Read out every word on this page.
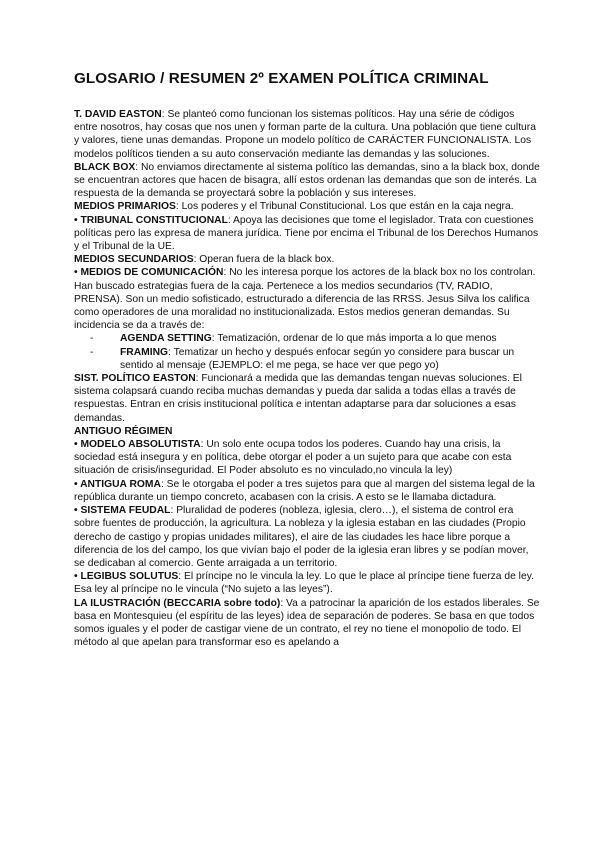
GLOSARIO / RESUMEN 2º EXAMEN POLÍTICA CRIMINAL

T. DAVID EASTON: Se planteó como funcionan los sistemas políticos. Hay una série de códigos entre nosotros, hay cosas que nos unen y forman parte de la cultura. Una población que tiene cultura y valores, tiene unas demandas. Propone un modelo político de CARÁCTER FUNCIONALISTA. Los modelos políticos tienden a su auto conservación mediante las demandas y las soluciones.

BLACK BOX: No enviamos directamente al sistema político las demandas, sino a la black box, donde se encuentran actores que hacen de bisagra, allí estos ordenan las demandas que son de interés. La respuesta de la demanda se proyectará sobre la población y sus intereses.

MEDIOS PRIMARIOS: Los poderes y el Tribunal Constitucional. Los que están en la caja negra.

• TRIBUNAL CONSTITUCIONAL: Apoya las decisiones que tome el legislador. Trata con cuestiones políticas pero las expresa de manera jurídica. Tiene por encima el Tribunal de los Derechos Humanos y el Tribunal de la UE.

MEDIOS SECUNDARIOS: Operan fuera de la black box.

• MEDIOS DE COMUNICACIÓN: No les interesa porque los actores de la black box no los controlan. Han buscado estrategias fuera de la caja. Pertenece a los medios secundarios (TV, RADIO, PRENSA). Son un medio sofisticado, estructurado a diferencia de las RRSS. Jesus Silva los califica como operadores de una moralidad no institucionalizada. Estos medios generan demandas. Su incidencia se da a través de:

- AGENDA SETTING: Tematización, ordenar de lo que más importa a lo que menos
- FRAMING: Tematizar un hecho y después enfocar según yo considere para buscar un sentido al mensaje (EJEMPLO: el me pega, se hace ver que pego yo)

SIST. POLÍTICO EASTON: Funcionará a medida que las demandas tengan nuevas soluciones. El sistema colapsará cuando reciba muchas demandas y pueda dar salida a todas ellas a través de respuestas. Entran en crisis institucional política e intentan adaptarse para dar soluciones a esas demandas.

ANTIGUO RÉGIMEN

• MODELO ABSOLUTISTA: Un solo ente ocupa todos los poderes. Cuando hay una crisis, la sociedad está insegura y en política, debe otorgar el poder a un sujeto para que acabe con esta situación de crisis/inseguridad. El Poder absoluto es no vinculado,no vincula la ley)

• ANTIGUA ROMA: Se le otorgaba el poder a tres sujetos para que al margen del sistema legal de la república durante un tiempo concreto, acabasen con la crisis. A esto se le llamaba dictadura.

• SISTEMA FEUDAL: Pluralidad de poderes (nobleza, iglesia, clero…), el sistema de control era sobre fuentes de producción, la agricultura. La nobleza y la iglesia estaban en las ciudades (Propio derecho de castigo y propias unidades militares), el aire de las ciudades les hace libre porque a diferencia de los del campo, los que vivían bajo el poder de la iglesia eran libres y se podían mover, se dedicaban al comercio. Gente arraigada a un territorio.

• LEGIBUS SOLUTUS: El príncipe no le vincula la ley. Lo que le place al príncipe tiene fuerza de ley. Esa ley al príncipe no le vincula (“No sujeto a las leyes”).

LA ILUSTRACIÓN (BECCARIA sobre todo): Va a patrocinar la aparición de los estados liberales. Se basa en Montesquieu (el espíritu de las leyes) idea de separación de poderes. Se basa en que todos somos iguales y el poder de castigar viene de un contrato, el rey no tiene el monopolio de todo. El método al que apelan para transformar eso es apelando a
